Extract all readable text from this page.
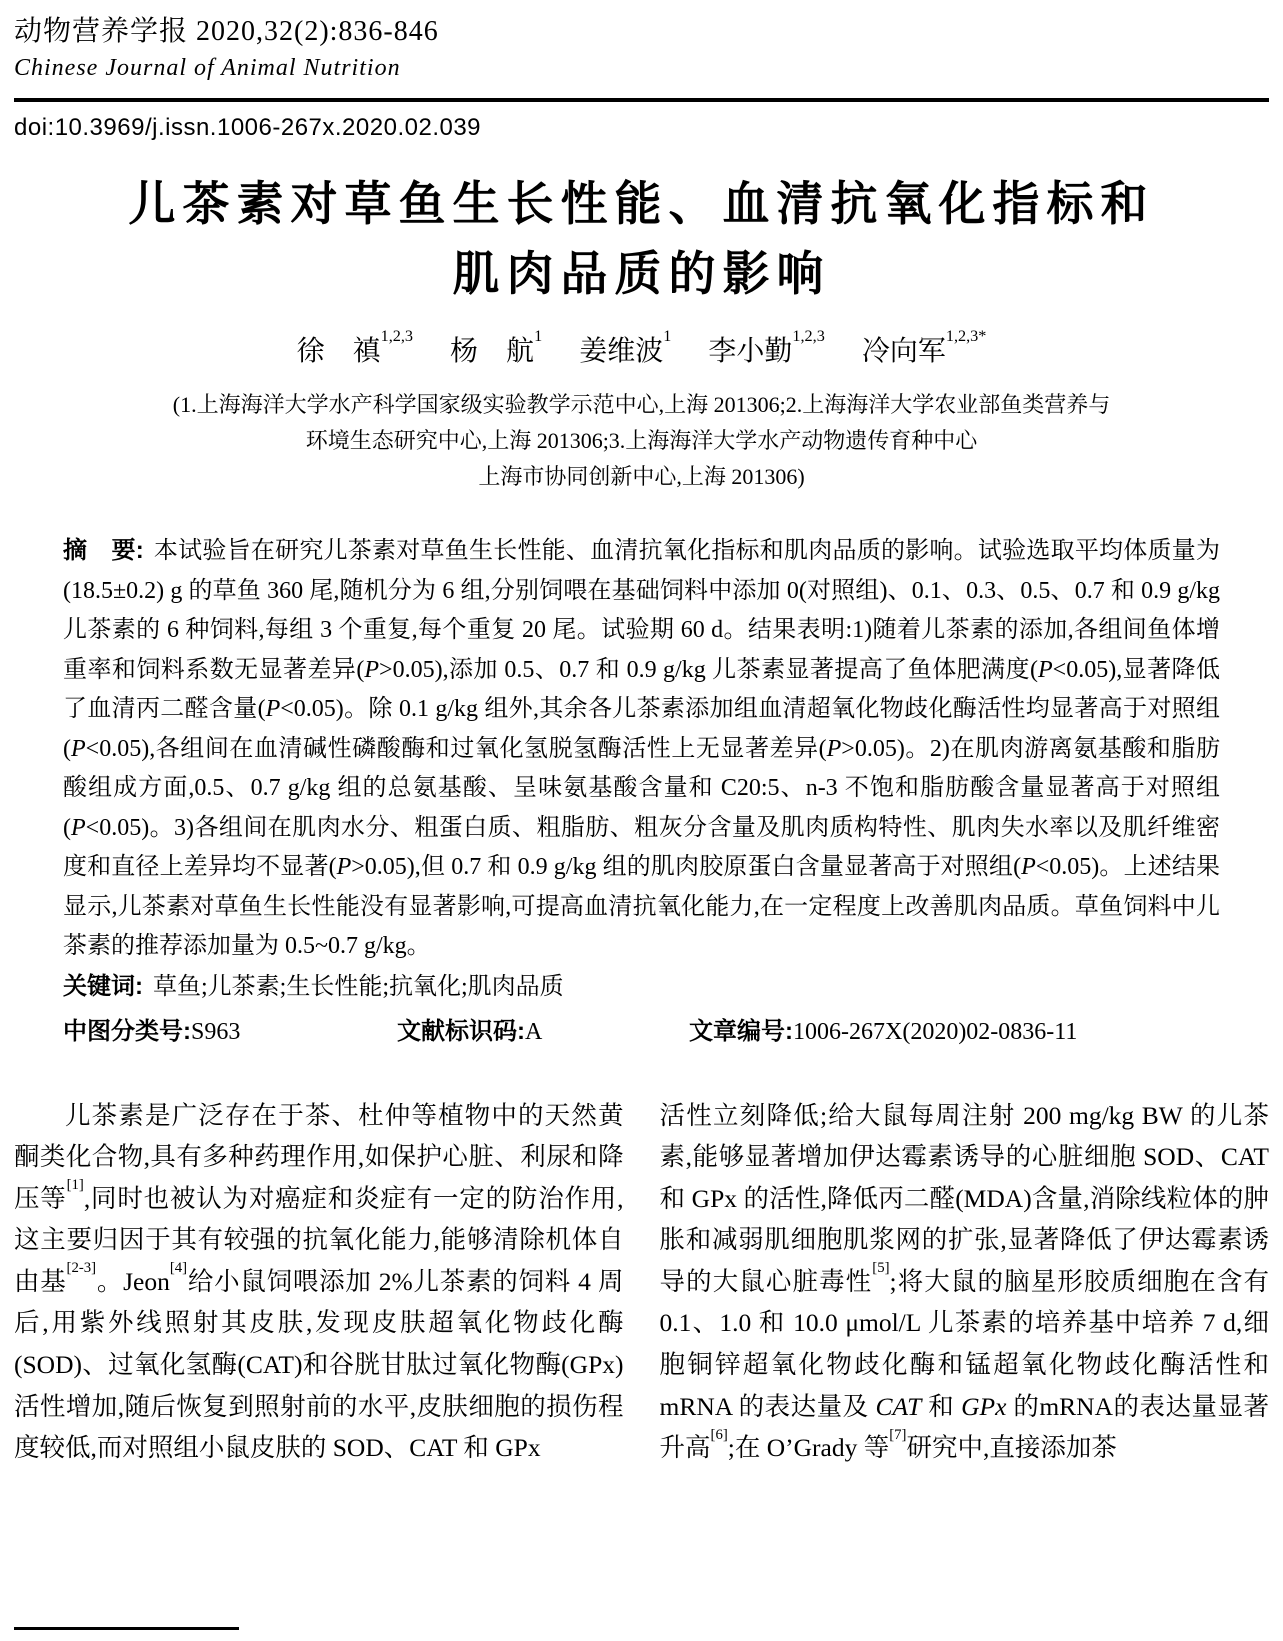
动物营养学报 2020,32(2):836-846
Chinese Journal of Animal Nutrition
doi:10.3969/j.issn.1006-267x.2020.02.039
儿茶素对草鱼生长性能、血清抗氧化指标和
肌肉品质的影响
徐　禛$^{1,2,3}$ 杨　航$^1$ 姜维波$^1$ 李小勤$^{1,2,3}$ 冷向军$^{1,2,3*}$
(1.上海海洋大学水产科学国家级实验教学示范中心,上海 201306;2.上海海洋大学农业部鱼类营养与
环境生态研究中心,上海 201306;3.上海海洋大学水产动物遗传育种中心
上海市协同创新中心,上海 201306)

摘　要: 本试验旨在研究儿茶素对草鱼生长性能、血清抗氧化指标和肌肉品质的影响。试验选取平均体质量为(18.5±0.2) g 的草鱼 360 尾,随机分为 6 组,分别饲喂在基础饲料中添加 0(对照组)、0.1、0.3、0.5、0.7 和 0.9 g/kg 儿茶素的 6 种饲料,每组 3 个重复,每个重复 20 尾。试验期 60 d。结果表明:1)随着儿茶素的添加,各组间鱼体增重率和饲料系数无显著差异(P>0.05),添加 0.5、0.7 和 0.9 g/kg 儿茶素显著提高了鱼体肥满度(P<0.05),显著降低了血清丙二醛含量(P<0.05)。除 0.1 g/kg 组外,其余各儿茶素添加组血清超氧化物歧化酶活性均显著高于对照组(P<0.05),各组间在血清碱性磷酸酶和过氧化氢脱氢酶活性上无显著差异(P>0.05)。2)在肌肉游离氨基酸和脂肪酸组成方面,0.5、0.7 g/kg 组的总氨基酸、呈味氨基酸含量和 C20:5、n-3 不饱和脂肪酸含量显著高于对照组(P<0.05)。3)各组间在肌肉水分、粗蛋白质、粗脂肪、粗灰分含量及肌肉质构特性、肌肉失水率以及肌纤维密度和直径上差异均不显著(P>0.05),但 0.7 和 0.9 g/kg 组的肌肉胶原蛋白含量显著高于对照组(P<0.05)。上述结果显示,儿茶素对草鱼生长性能没有显著影响,可提高血清抗氧化能力,在一定程度上改善肌肉品质。草鱼饲料中儿茶素的推荐添加量为 0.5~0.7 g/kg。

关键词: 草鱼;儿茶素;生长性能;抗氧化;肌肉品质

中图分类号:S963	文献标识码:A	文章编号:1006-267X(2020)02-0836-11

儿茶素是广泛存在于茶、杜仲等植物中的天然黄酮类化合物,具有多种药理作用,如保护心脏、利尿和降压等[1],同时也被认为对癌症和炎症有一定的防治作用,这主要归因于其有较强的抗氧化能力,能够清除机体自由基[2-3]。Jeon[4]给小鼠饲喂添加 2%儿茶素的饲料 4 周后,用紫外线照射其皮肤,发现皮肤超氧化物歧化酶(SOD)、过氧化氢酶(CAT)和谷胱甘肽过氧化物酶(GPx)活性增加,随后恢复到照射前的水平,皮肤细胞的损伤程度较低,而对照组小鼠皮肤的 SOD、CAT 和 GPx

活性立刻降低;给大鼠每周注射 200 mg/kg BW 的儿茶素,能够显著增加伊达霉素诱导的心脏细胞 SOD、CAT 和 GPx 的活性,降低丙二醛(MDA)含量,消除线粒体的肿胀和减弱肌细胞肌浆网的扩张,显著降低了伊达霉素诱导的大鼠心脏毒性[5];将大鼠的脑星形胶质细胞在含有 0.1、1.0 和 10.0 μmol/L 儿茶素的培养基中培养 7 d,细胞铜锌超氧化物歧化酶和锰超氧化物歧化酶活性和 mRNA 的表达量及 CAT 和 GPx 的mRNA的表达量显著升高[6];在 O’Grady 等[7]研究中,直接添加茶
